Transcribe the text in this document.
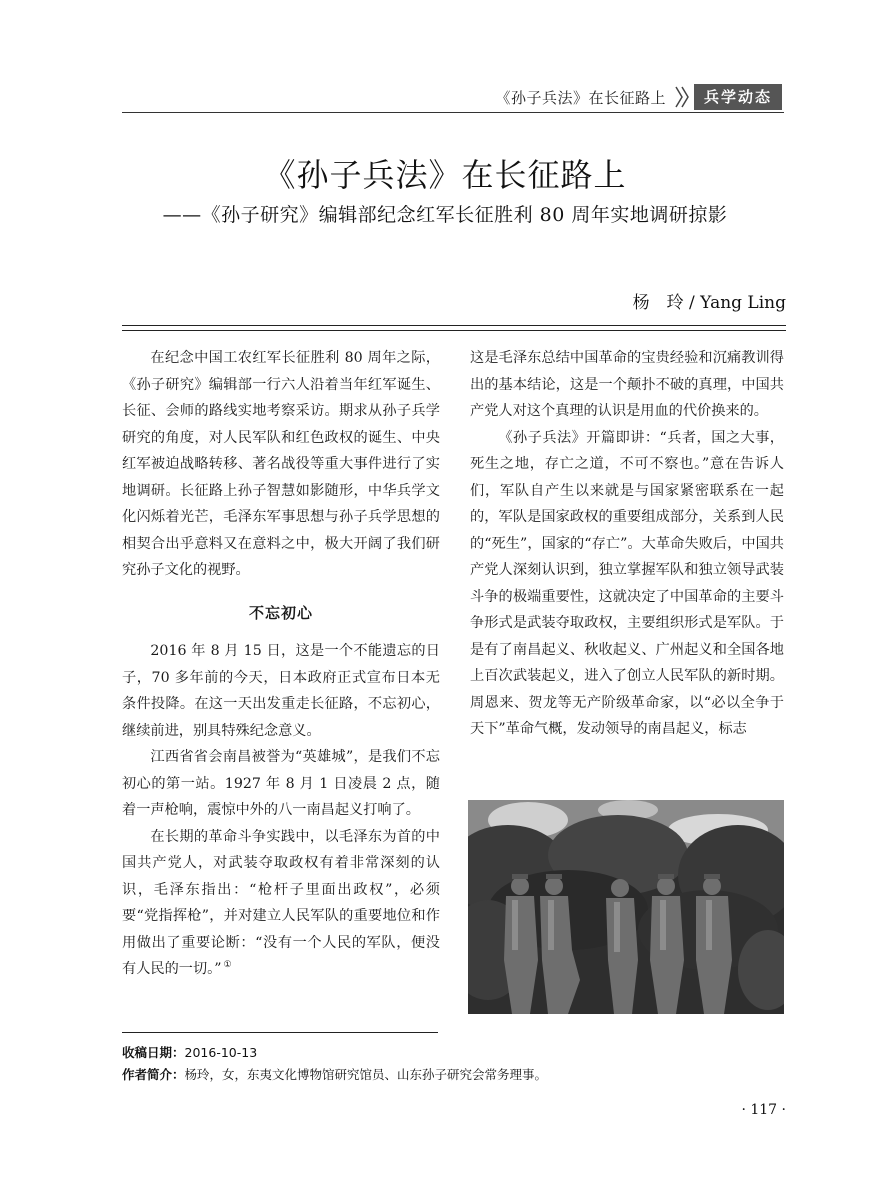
《孙子兵法》在长征路上	兵学动态
《孙子兵法》在长征路上
——《孙子研究》编辑部纪念红军长征胜利 80 周年实地调研掠影
杨　玲 / Yang Ling

在纪念中国工农红军长征胜利 80 周年之际，《孙子研究》编辑部一行六人沿着当年红军诞生、长征、会师的路线实地考察采访。期求从孙子兵学研究的角度，对人民军队和红色政权的诞生、中央红军被迫战略转移、著名战役等重大事件进行了实地调研。长征路上孙子智慧如影随形，中华兵学文化闪烁着光芒，毛泽东军事思想与孙子兵学思想的相契合出乎意料又在意料之中，极大开阔了我们研究孙子文化的视野。

不忘初心

2016 年 8 月 15 日，这是一个不能遗忘的日子，70 多年前的今天，日本政府正式宣布日本无条件投降。在这一天出发重走长征路，不忘初心，继续前进，别具特殊纪念意义。

江西省省会南昌被誉为“英雄城”，是我们不忘初心的第一站。1927 年 8 月 1 日凌晨 2 点，随着一声枪响，震惊中外的八一南昌起义打响了。

在长期的革命斗争实践中，以毛泽东为首的中国共产党人，对武装夺取政权有着非常深刻的认识，毛泽东指出：“枪杆子里面出政权”，必须要“党指挥枪”，并对建立人民军队的重要地位和作用做出了重要论断：“没有一个人民的军队，便没有人民的一切。” ①

这是毛泽东总结中国革命的宝贵经验和沉痛教训得出的基本结论，这是一个颠扑不破的真理，中国共产党人对这个真理的认识是用血的代价换来的。

《孙子兵法》开篇即讲：“兵者，国之大事，死生之地，存亡之道，不可不察也。”意在告诉人们，军队自产生以来就是与国家紧密联系在一起的，军队是国家政权的重要组成部分，关系到人民的“死生”，国家的“存亡”。大革命失败后，中国共产党人深刻认识到，独立掌握军队和独立领导武装斗争的极端重要性，这就决定了中国革命的主要斗争形式是武装夺取政权，主要组织形式是军队。于是有了南昌起义、秋收起义、广州起义和全国各地上百次武装起义，进入了创立人民军队的新时期。周恩来、贺龙等无产阶级革命家，以“必以全争于天下”革命气概，发动领导的南昌起义，标志

收稿日期：2016-10-13
作者简介：杨玲，女，东夷文化博物馆研究馆员、山东孙子研究会常务理事。
· 117 ·
